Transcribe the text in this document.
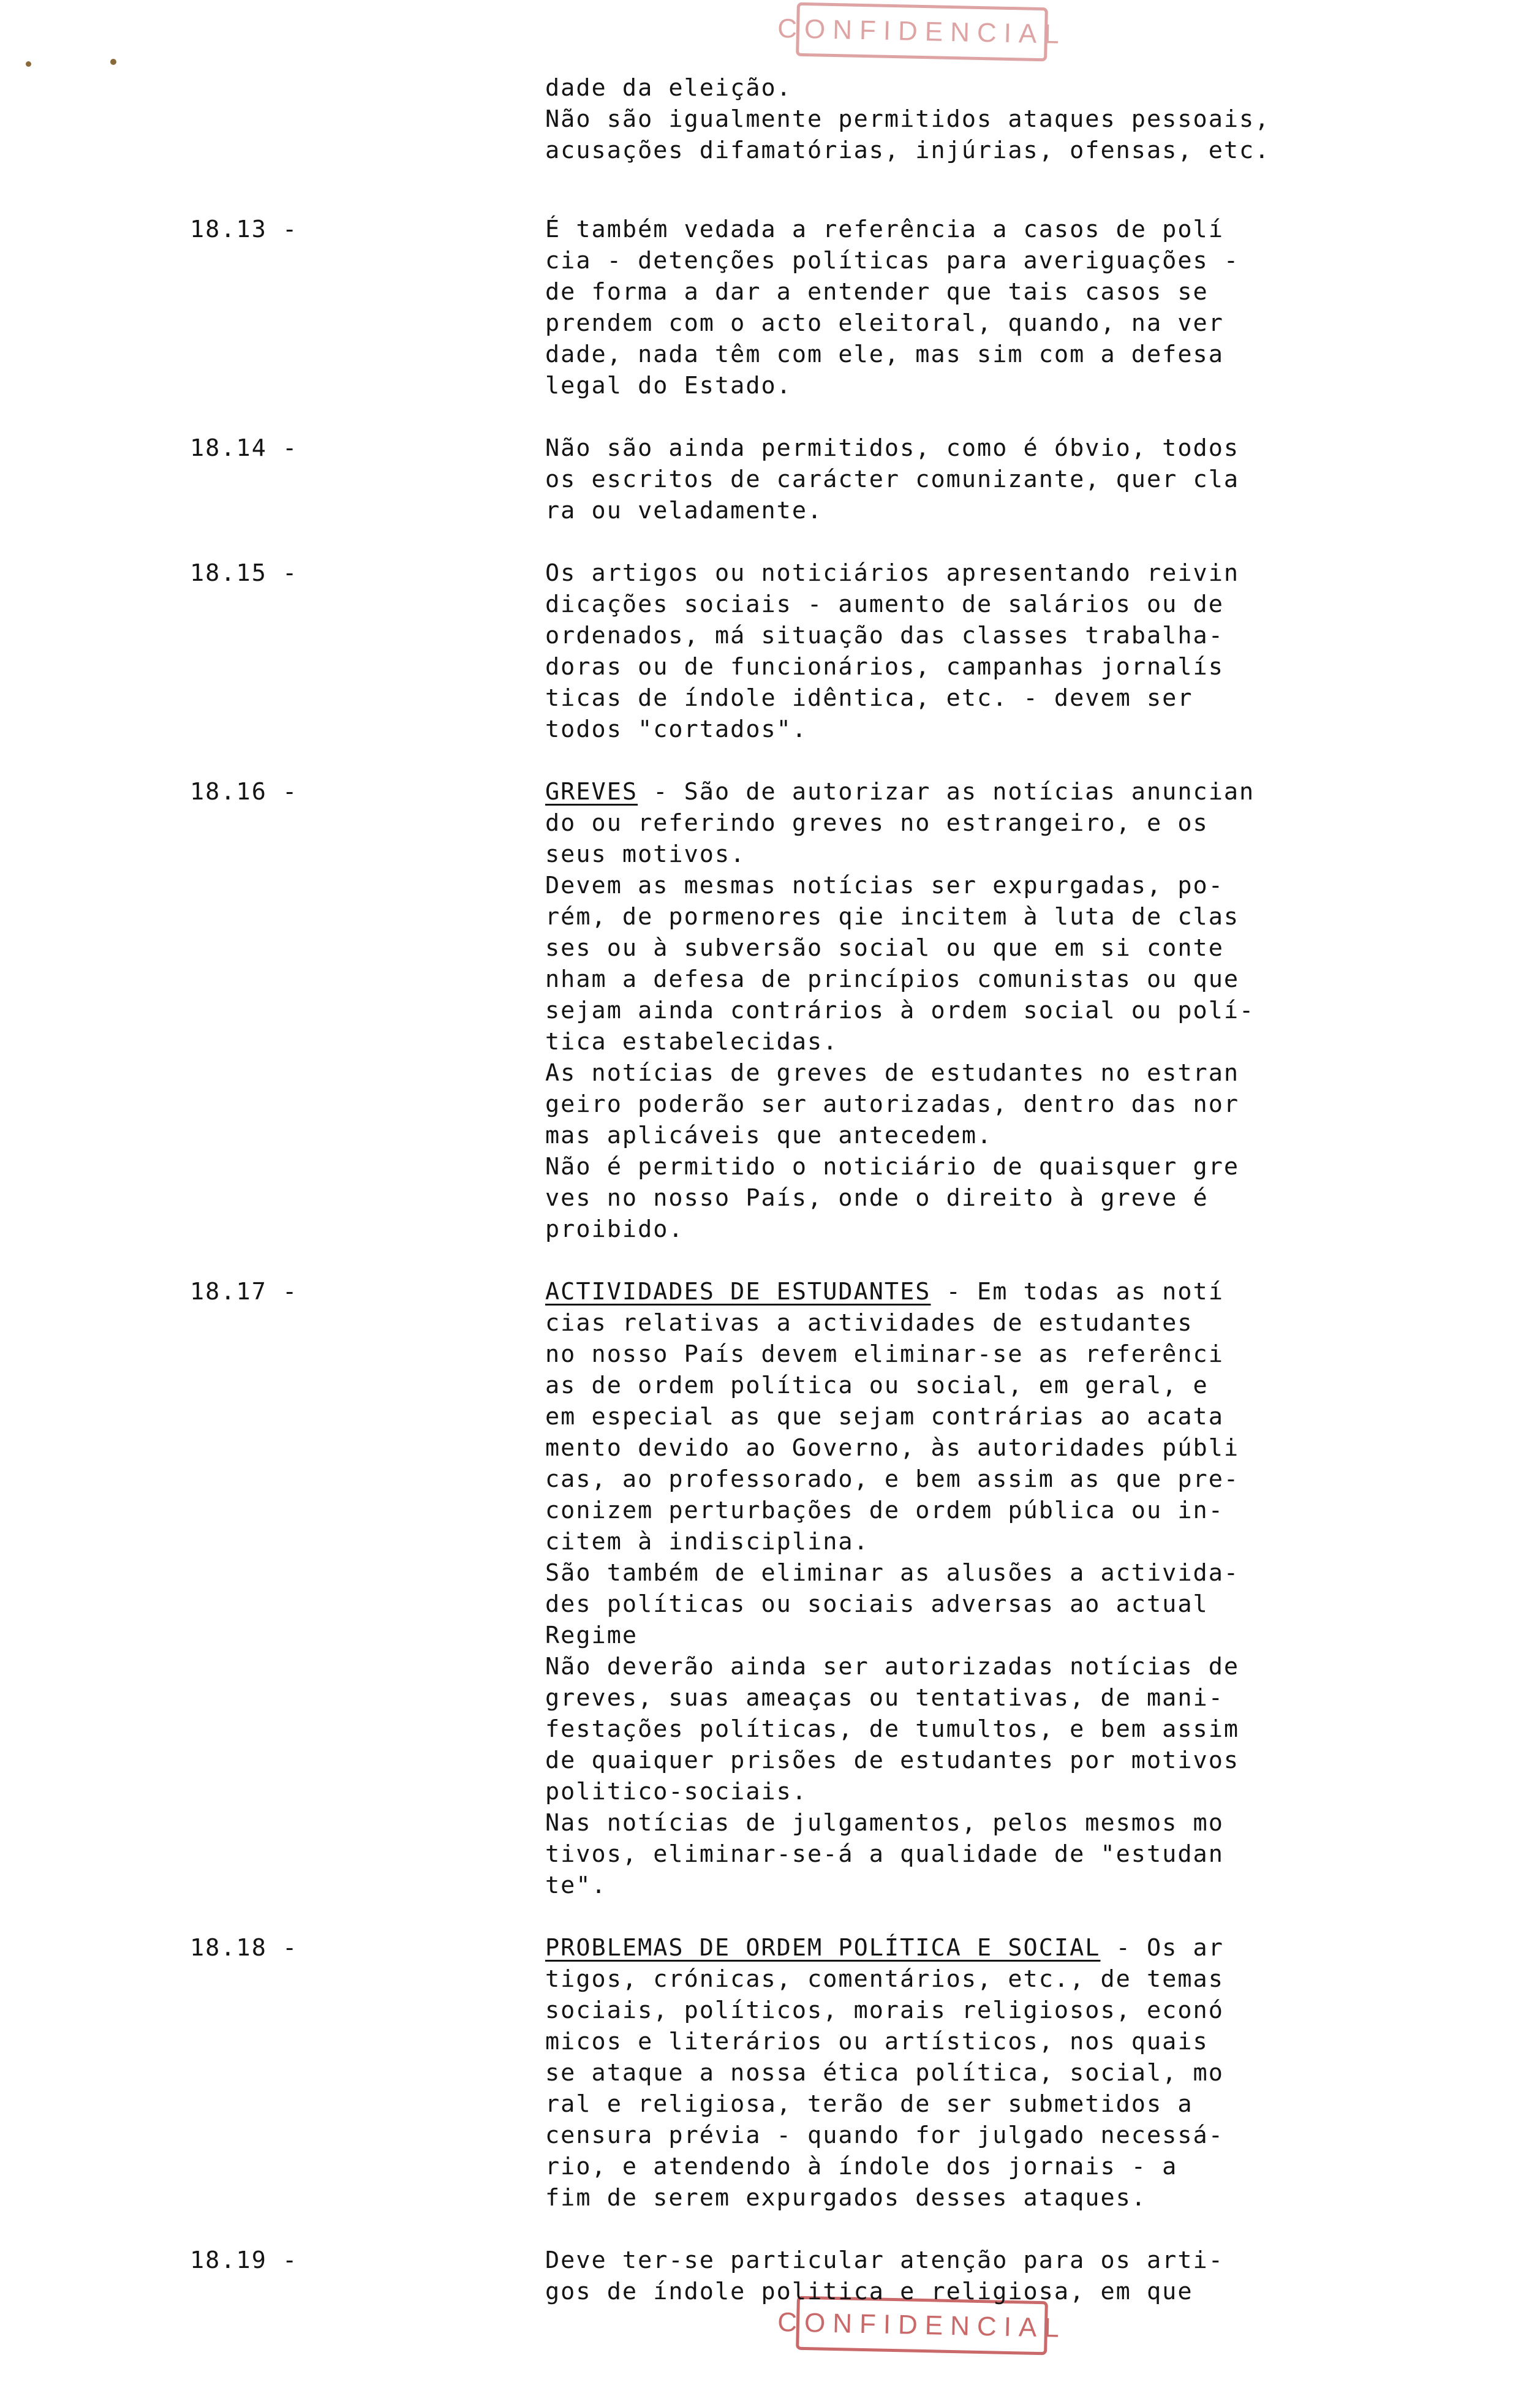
CONFIDENCIAL
CONFIDENCIAL
dade da eleição.
Não são igualmente permitidos ataques pessoais,
acusações difamatórias, injúrias, ofensas, etc.
18.13 -	É também vedada a referência a casos de polí
cia - detenções políticas para averiguações -
de forma a dar a entender que tais casos se
prendem com o acto eleitoral, quando, na ver
dade, nada têm com ele, mas sim com a defesa
legal do Estado.
18.14 -	Não são ainda permitidos, como é óbvio, todos
os escritos de carácter comunizante, quer cla
ra ou veladamente.
18.15 -	Os artigos ou noticiários apresentando reivin
dicações sociais - aumento de salários ou de
ordenados, má situação das classes trabalha-
doras ou de funcionários, campanhas jornalís
ticas de índole idêntica, etc. - devem ser
todos "cortados".
18.16 -	GREVES - São de autorizar as notícias anuncian
do ou referindo greves no estrangeiro, e os
seus motivos.
Devem as mesmas notícias ser expurgadas, po-
rém, de pormenores qie incitem à luta de clas
ses ou à subversão social ou que em si conte
nham a defesa de princípios comunistas ou que
sejam ainda contrários à ordem social ou polí-
tica estabelecidas.
As notícias de greves de estudantes no estran
geiro poderão ser autorizadas, dentro das nor
mas aplicáveis que antecedem.
Não é permitido o noticiário de quaisquer gre
ves no nosso País, onde o direito à greve é
proibido.
18.17 -	ACTIVIDADES DE ESTUDANTES - Em todas as notí
cias relativas a actividades de estudantes
no nosso País devem eliminar-se as referênci
as de ordem política ou social, em geral, e
em especial as que sejam contrárias ao acata
mento devido ao Governo, às autoridades públi
cas, ao professorado, e bem assim as que pre-
conizem perturbações de ordem pública ou in-
citem à indisciplina.
São também de eliminar as alusões a activida-
des políticas ou sociais adversas ao actual
Regime
Não deverão ainda ser autorizadas notícias de
greves, suas ameaças ou tentativas, de mani-
festações políticas, de tumultos, e bem assim
de quaiquer prisões de estudantes por motivos
politico-sociais.
Nas notícias de julgamentos, pelos mesmos mo
tivos, eliminar-se-á a qualidade de "estudan
te".
18.18 -	PROBLEMAS DE ORDEM POLÍTICA E SOCIAL - Os ar
tigos, crónicas, comentários, etc., de temas
sociais, políticos, morais religiosos, econó
micos e literários ou artísticos, nos quais
se ataque a nossa ética política, social, mo
ral e religiosa, terão de ser submetidos a
censura prévia - quando for julgado necessá-
rio, e atendendo à índole dos jornais - a
fim de serem expurgados desses ataques.
18.19 -	Deve ter-se particular atenção para os arti-
gos de índole politica e religiosa, em que
